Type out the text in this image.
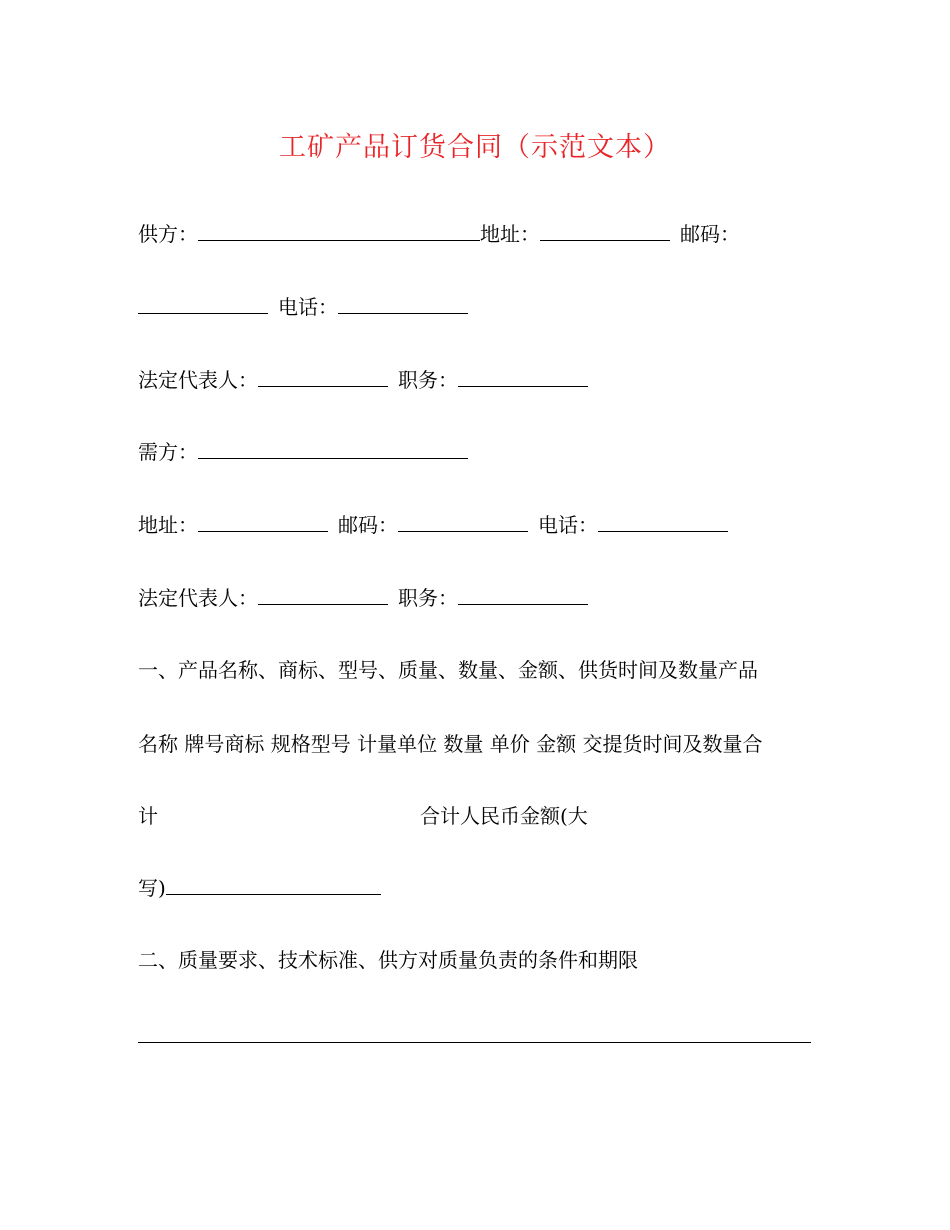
工矿产品订货合同（示范文本）
供方：	地址：	邮码：
电话：
法定代表人：	职务：
需方：
地址：	邮码：	电话：
法定代表人：	职务：
一、产品名称、商标、型号、质量、数量、金额、供货时间及数量产品
名称 牌号商标 规格型号 计量单位 数量 单价 金额 交提货时间及数量合
计	合计人民币金额(大
写)
二、质量要求、技术标准、供方对质量负责的条件和期限
